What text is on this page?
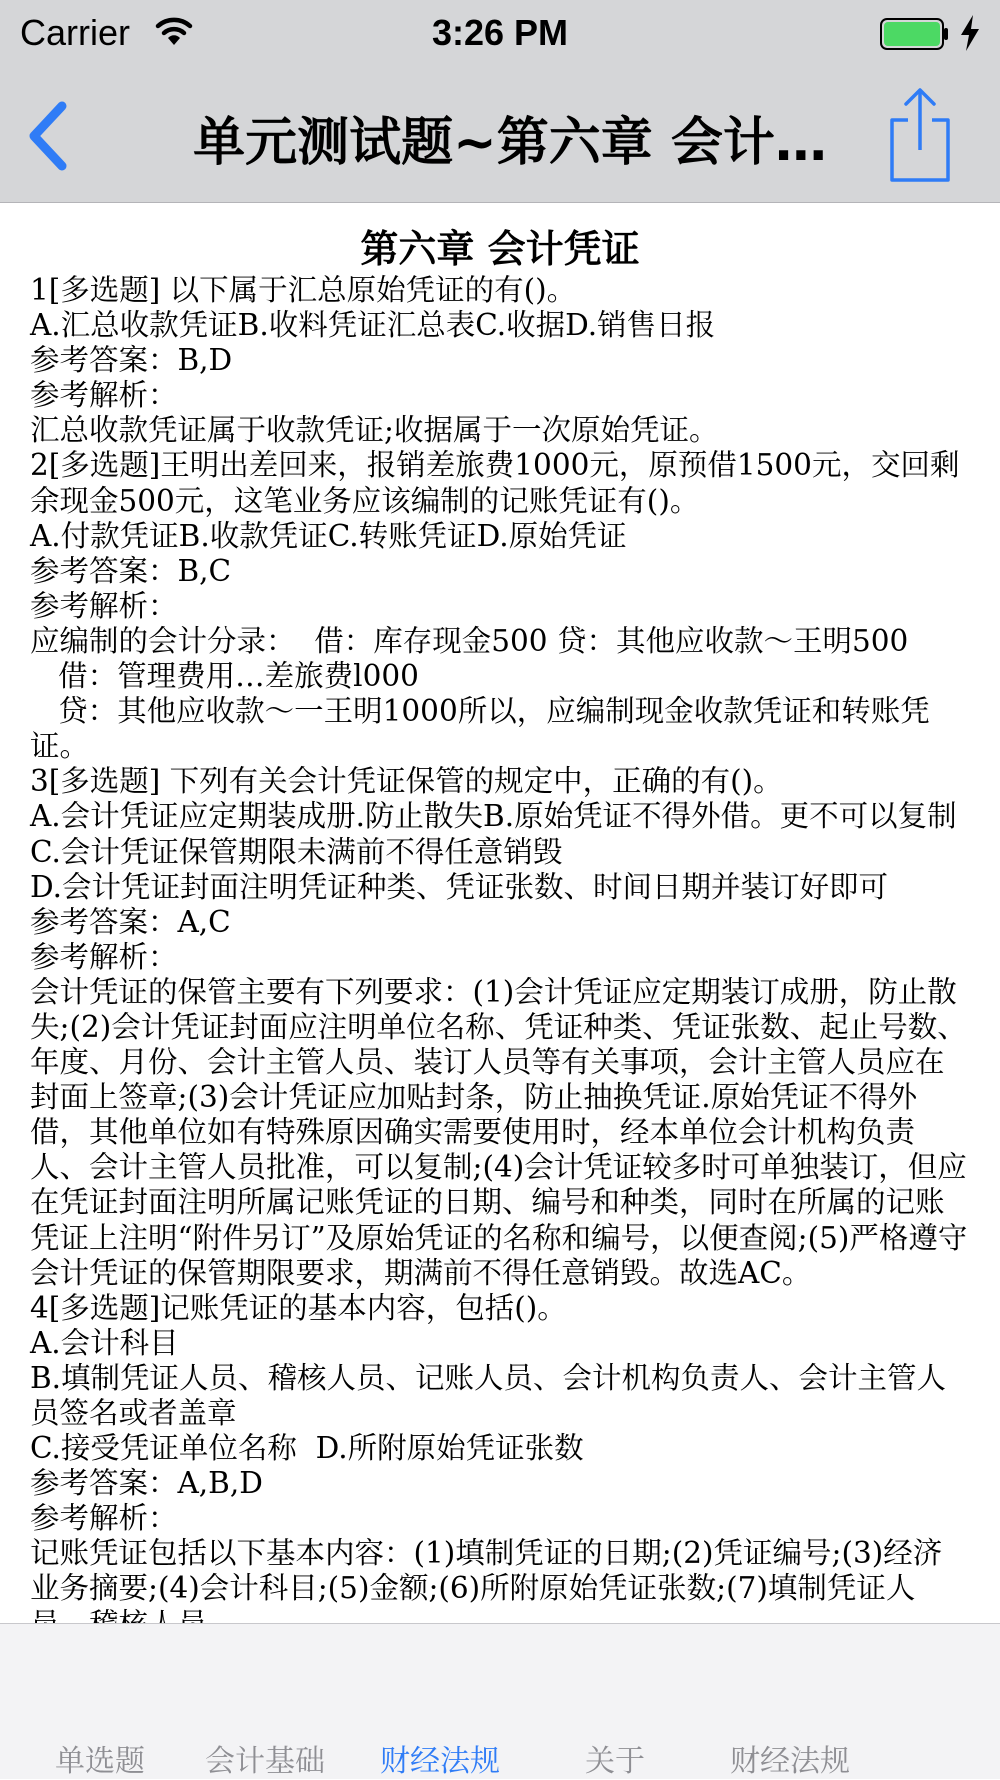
Carrier	3:26 PM
单元测试题~第六章 会计…
第六章 会计凭证
1[多选题] 以下属于汇总原始凭证的有()。
A.汇总收款凭证B.收料凭证汇总表C.收据D.销售日报
参考答案：B,D
参考解析：
汇总收款凭证属于收款凭证;收据属于一次原始凭证。
2[多选题]王明出差回来，报销差旅费1000元，原预借1500元，交回剩余现金500元，这笔业务应该编制的记账凭证有()。
A.付款凭证B.收款凭证C.转账凭证D.原始凭证
参考答案：B,C
参考解析：
应编制的会计分录：  借：库存现金500 贷：其他应收款～王明500
借：管理费用…差旅费l000
贷：其他应收款～一王明1000所以，应编制现金收款凭证和转账凭证。
3[多选题] 下列有关会计凭证保管的规定中，正确的有()。
A.会计凭证应定期装成册.防止散失B.原始凭证不得外借。更不可以复制
C.会计凭证保管期限未满前不得任意销毁
D.会计凭证封面注明凭证种类、凭证张数、时间日期并装订好即可
参考答案：A,C
参考解析：
会计凭证的保管主要有下列要求：(1)会计凭证应定期装订成册，防止散失;(2)会计凭证封面应注明单位名称、凭证种类、凭证张数、起止号数、年度、月份、会计主管人员、装订人员等有关事项，会计主管人员应在封面上签章;(3)会计凭证应加贴封条，防止抽换凭证.原始凭证不得外借，其他单位如有特殊原因确实需要使用时，经本单位会计机构负责人、会计主管人员批准，可以复制;(4)会计凭证较多时可单独装订，但应在凭证封面注明所属记账凭证的日期、编号和种类，同时在所属的记账凭证上注明“附件另订”及原始凭证的名称和编号，以便查阅;(5)严格遵守会计凭证的保管期限要求，期满前不得任意销毁。故选AC。
4[多选题]记账凭证的基本内容，包括()。
A.会计科目
B.填制凭证人员、稽核人员、记账人员、会计机构负责人、会计主管人员签名或者盖章
C.接受凭证单位名称  D.所附原始凭证张数
参考答案：A,B,D
参考解析：
记账凭证包括以下基本内容：(1)填制凭证的日期;(2)凭证编号;(3)经济业务摘要;(4)会计科目;(5)金额;(6)所附原始凭证张数;(7)填制凭证人
单选题	会计基础	财经法规	关于	财经法规
